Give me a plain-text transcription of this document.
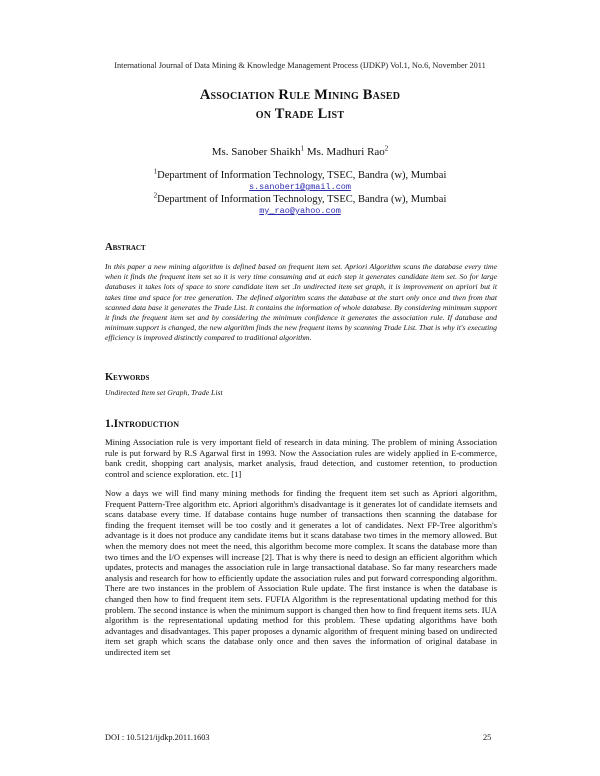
International Journal of Data Mining & Knowledge Management Process (IJDKP) Vol.1, No.6, November 2011
Association Rule Mining Based
on Trade List
Ms. Sanober Shaikh$^1$ Ms. Madhuri Rao$^2$
$^1$Department of Information Technology, TSEC, Bandra (w), Mumbai
s.sanober1@gmail.com
$^2$Department of Information Technology, TSEC, Bandra (w), Mumbai
my_rao@yahoo.com
Abstract

In this paper a new mining algorithm is defined based on frequent item set. Apriori Algorithm scans the database every time when it finds the frequent item set so it is very time consuming and at each step it generates candidate item set. So for large databases it takes lots of space to store candidate item set .In undirected item set graph, it is improvement on apriori but it takes time and space for tree generation. The defined algorithm scans the database at the start only once and then from that scanned data base it generates the Trade List. It contains the information of whole database. By considering minimum support it finds the frequent item set and by considering the minimum confidence it generates the association rule. If database and minimum support is changed, the new algorithm finds the new frequent items by scanning Trade List. That is why it's executing efficiency is improved distinctly compared to traditional algorithm.

Keywords

Undirected Item set Graph, Trade List

1.Introduction

Mining Association rule is very important field of research in data mining. The problem of mining Association rule is put forward by R.S Agarwal first in 1993. Now the Association rules are widely applied in E-commerce, bank credit, shopping cart analysis, market analysis, fraud detection, and customer retention, to production control and science exploration. etc. [1]

Now a days we will find many mining methods for finding the frequent item set such as Apriori algorithm, Frequent Pattern-Tree algorithm etc. Apriori algorithm's disadvantage is it generates lot of candidate itemsets and scans database every time. If database contains huge number of transactions then scanning the database for finding the frequent itemset will be too costly and it generates a lot of candidates. Next FP-Tree algorithm's advantage is it does not produce any candidate items but it scans database two times in the memory allowed. But when the memory does not meet the need, this algorithm become more complex. It scans the database more than two times and the I/O expenses will increase [2]. That is why there is need to design an efficient algorithm which updates, protects and manages the association rule in large transactional database. So far many researchers made analysis and research for how to efficiently update the association rules and put forward corresponding algorithm. There are two instances in the problem of Association Rule update. The first instance is when the database is changed then how to find frequent item sets. FUFIA Algorithm is the representational updating method for this problem. The second instance is when the minimum support is changed then how to find frequent items sets. IUA algorithm is the representational updating method for this problem. These updating algorithms have both advantages and disadvantages. This paper proposes a dynamic algorithm of frequent mining based on undirected item set graph which scans the database only once and then saves the information of original database in undirected item set

DOI : 10.5121/ijdkp.2011.1603	25
